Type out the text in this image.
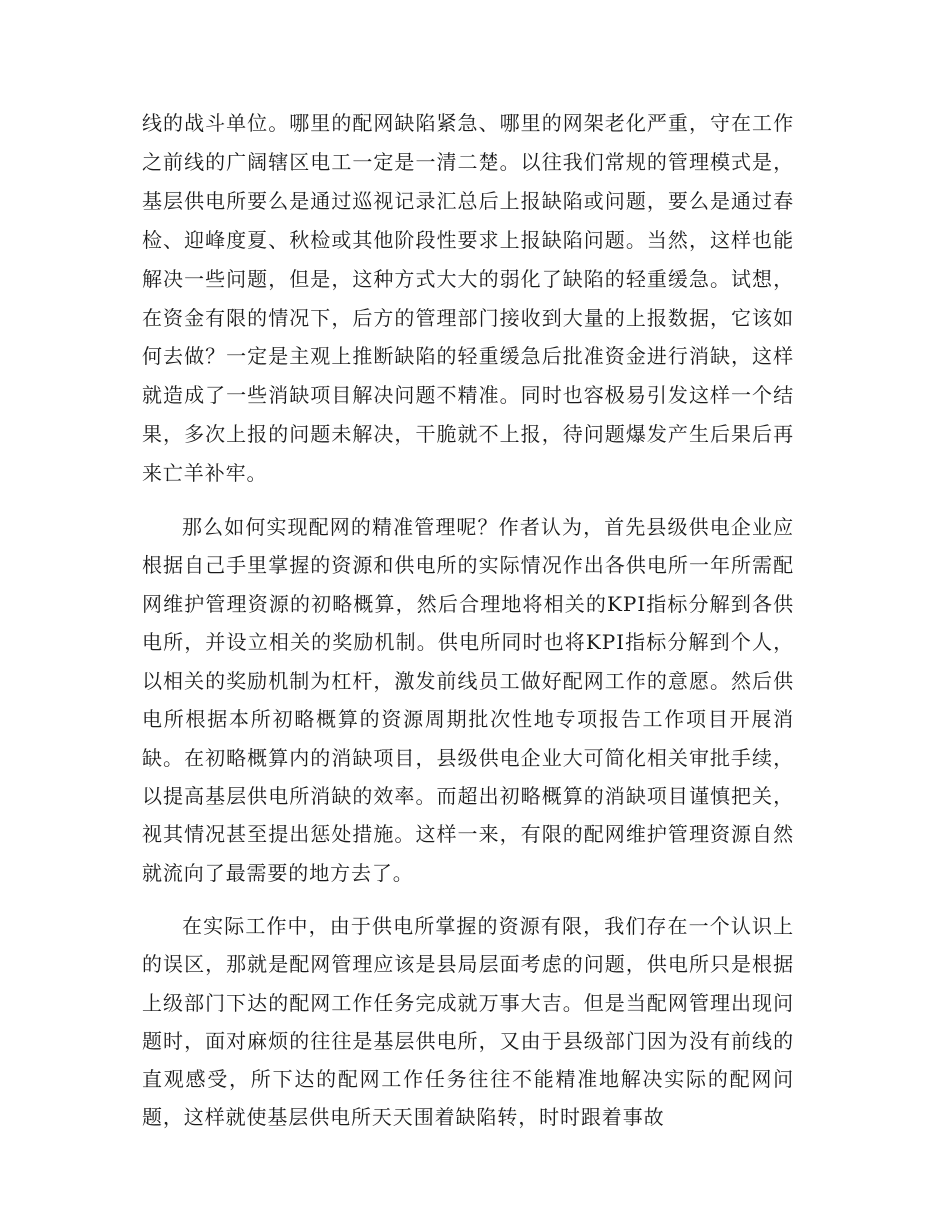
线的战斗单位。哪里的配网缺陷紧急、哪里的网架老化严重，守在工作之前线的广阔辖区电工一定是一清二楚。以往我们常规的管理模式是，基层供电所要么是通过巡视记录汇总后上报缺陷或问题，要么是通过春检、迎峰度夏、秋检或其他阶段性要求上报缺陷问题。当然，这样也能解决一些问题，但是，这种方式大大的弱化了缺陷的轻重缓急。试想，在资金有限的情况下，后方的管理部门接收到大量的上报数据，它该如何去做？一定是主观上推断缺陷的轻重缓急后批准资金进行消缺，这样就造成了一些消缺项目解决问题不精准。同时也容极易引发这样一个结果，多次上报的问题未解决，干脆就不上报，待问题爆发产生后果后再来亡羊补牢。

那么如何实现配网的精准管理呢？作者认为，首先县级供电企业应根据自己手里掌握的资源和供电所的实际情况作出各供电所一年所需配网维护管理资源的初略概算，然后合理地将相关的KPI指标分解到各供电所，并设立相关的奖励机制。供电所同时也将KPI指标分解到个人，以相关的奖励机制为杠杆，激发前线员工做好配网工作的意愿。然后供电所根据本所初略概算的资源周期批次性地专项报告工作项目开展消缺。在初略概算内的消缺项目，县级供电企业大可简化相关审批手续，以提高基层供电所消缺的效率。而超出初略概算的消缺项目谨慎把关，视其情况甚至提出惩处措施。这样一来，有限的配网维护管理资源自然就流向了最需要的地方去了。

在实际工作中，由于供电所掌握的资源有限，我们存在一个认识上的误区，那就是配网管理应该是县局层面考虑的问题，供电所只是根据上级部门下达的配网工作任务完成就万事大吉。但是当配网管理出现问题时，面对麻烦的往往是基层供电所，又由于县级部门因为没有前线的直观感受，所下达的配网工作任务往往不能精准地解决实际的配网问题，这样就使基层供电所天天围着缺陷转，时时跟着事故
